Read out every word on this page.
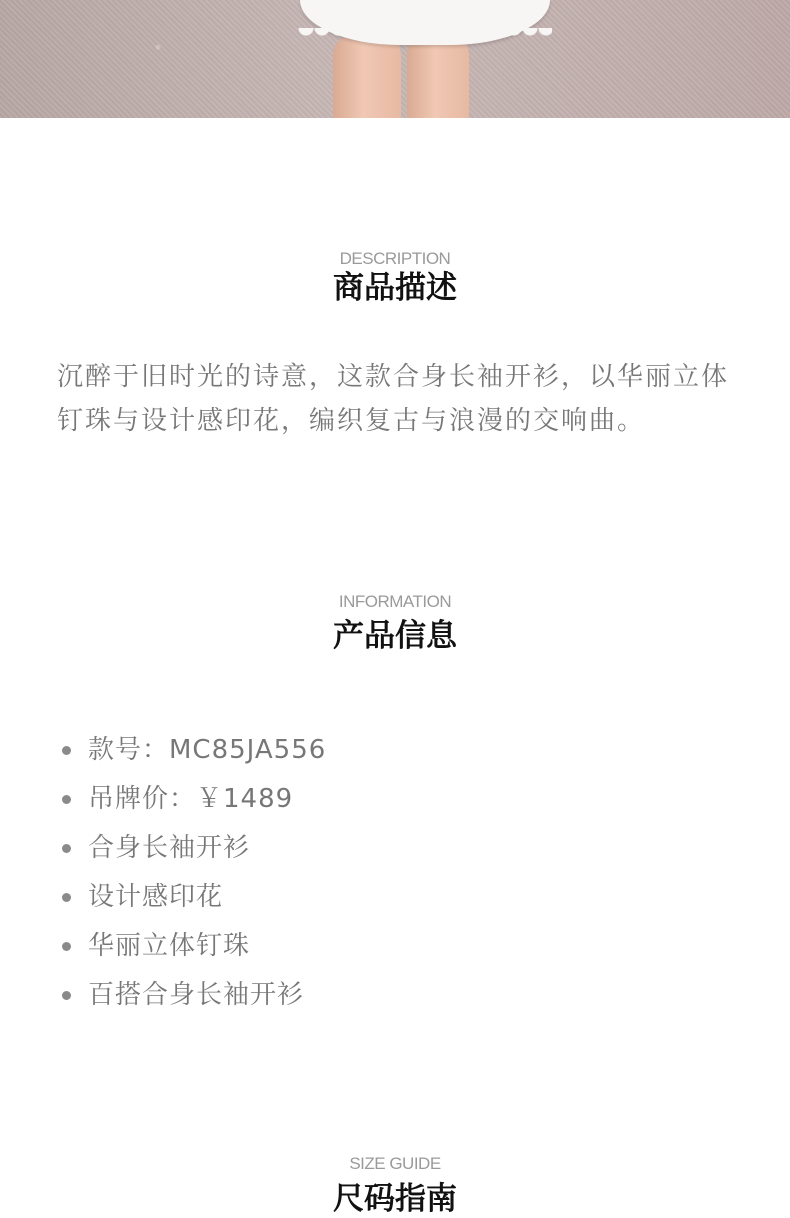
DESCRIPTION
商品描述

沉醉于旧时光的诗意，这款合身长袖开衫，以华丽立体钉珠与设计感印花，编织复古与浪漫的交响曲。

INFORMATION
产品信息
款号：MC85JA556
吊牌价：￥1489
合身长袖开衫
设计感印花
华丽立体钉珠
百搭合身长袖开衫
SIZE GUIDE
尺码指南
